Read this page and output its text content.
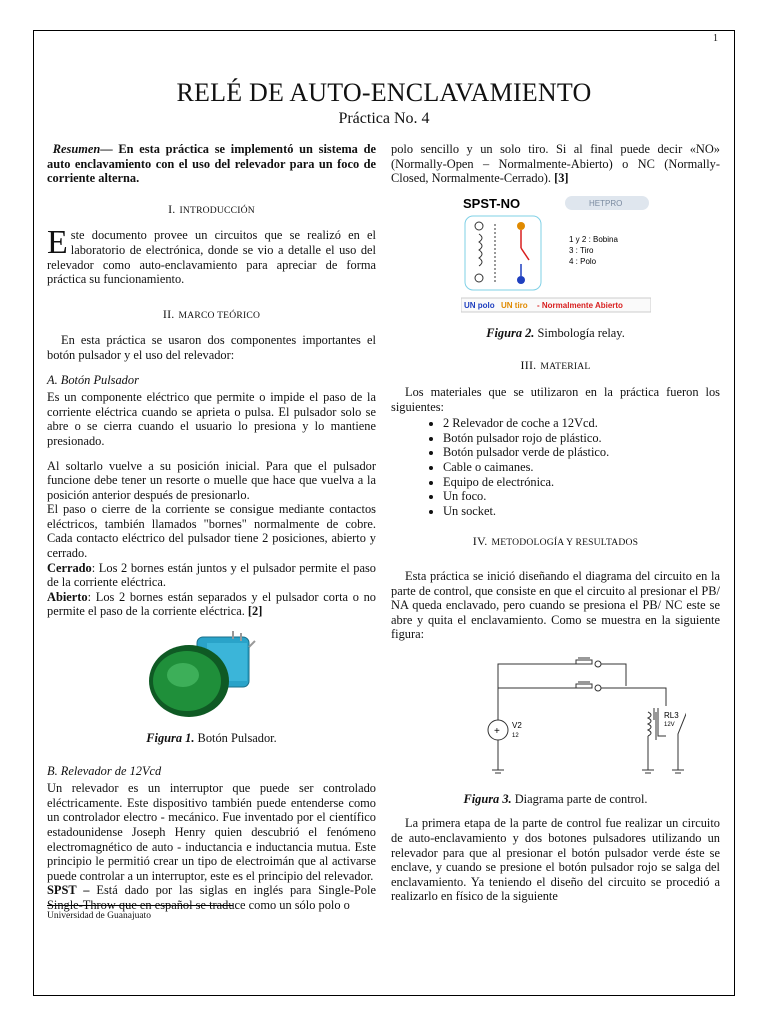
1
RELÉ DE AUTO-ENCLAVAMIENTO
Práctica No. 4

Resumen— En esta práctica se implementó un sistema de auto enclavamiento con el uso del relevador para un foco de corriente alterna.

I. INTRODUCCIÓN

Este documento provee un circuitos que se realizó en el laboratorio de electrónica, donde se vio a detalle el uso del relevador como auto-enclavamiento para apreciar de forma práctica su funcionamiento.

II. MARCO TEÓRICO

En esta práctica se usaron dos componentes importantes el botón pulsador y el uso del relevador:

A. Botón Pulsador

Es un componente eléctrico que permite o impide el paso de la corriente eléctrica cuando se aprieta o pulsa. El pulsador solo se abre o se cierra cuando el usuario lo presiona y lo mantiene presionado.

Al soltarlo vuelve a su posición inicial. Para que el pulsador funcione debe tener un resorte o muelle que hace que vuelva a la posición anterior después de presionarlo.

El paso o cierre de la corriente se consigue mediante contactos eléctricos, también llamados "bornes" normalmente de cobre. Cada contacto eléctrico del pulsador tiene 2 posiciones, abierto y cerrado.

Cerrado: Los 2 bornes están juntos y el pulsador permite el paso de la corriente eléctrica.

Abierto: Los 2 bornes están separados y el pulsador corta o no permite el paso de la corriente eléctrica. [2]

Figura 1. Botón Pulsador.

B. Relevador de 12Vcd

Un relevador es un interruptor que puede ser controlado eléctricamente. Este dispositivo también puede entenderse como un controlador electro - mecánico. Fue inventado por el científico estadounidense Joseph Henry quien descubrió el fenómeno electromagnético de auto - inductancia e inductancia mutua. Este principio le permitió crear un tipo de electroimán que al activarse puede controlar a un interruptor, este es el principio del relevador.

SPST – Está dado por las siglas en inglés para Single-Pole Single-Throw que en español se traduce como un sólo polo o

Universidad de Guanajuato

polo sencillo y un solo tiro. Si al final puede decir «NO» (Normally-Open – Normalmente-Abierto) o NC (Normally-Closed, Normalmente-Cerrado). [3]

SPST-NO	HETPRO
1 y 2 : Bobina
3 : Tiro
4 : Polo
UN polo UN tiro - Normalmente Abierto

Figura 2. Simbología relay.

III. MATERIAL

Los materiales que se utilizaron en la práctica fueron los siguientes:

• 2 Relevador de coche a 12Vcd.
• Botón pulsador rojo de plástico.
• Botón pulsador verde de plástico.
• Cable o caimanes.
• Equipo de electrónica.
• Un foco.
• Un socket.
IV. METODOLOGÍA Y RESULTADOS

Esta práctica se inició diseñando el diagrama del circuito en la parte de control, que consiste en que el circuito al presionar el PB/ NA queda enclavado, pero cuando se presiona el PB/ NC este se abre y quita el enclavamiento. Como se muestra en la siguiente figura:

+
V2
12
RL3
12V

Figura 3. Diagrama parte de control.

La primera etapa de la parte de control fue realizar un circuito de auto-enclavamiento y dos botones pulsadores utilizando un relevador para que al presionar el botón pulsador verde éste se enclave, y cuando se presione el botón pulsador rojo se salga del enclavamiento. Ya teniendo el diseño del circuito se procedió a realizarlo en físico de la siguiente
